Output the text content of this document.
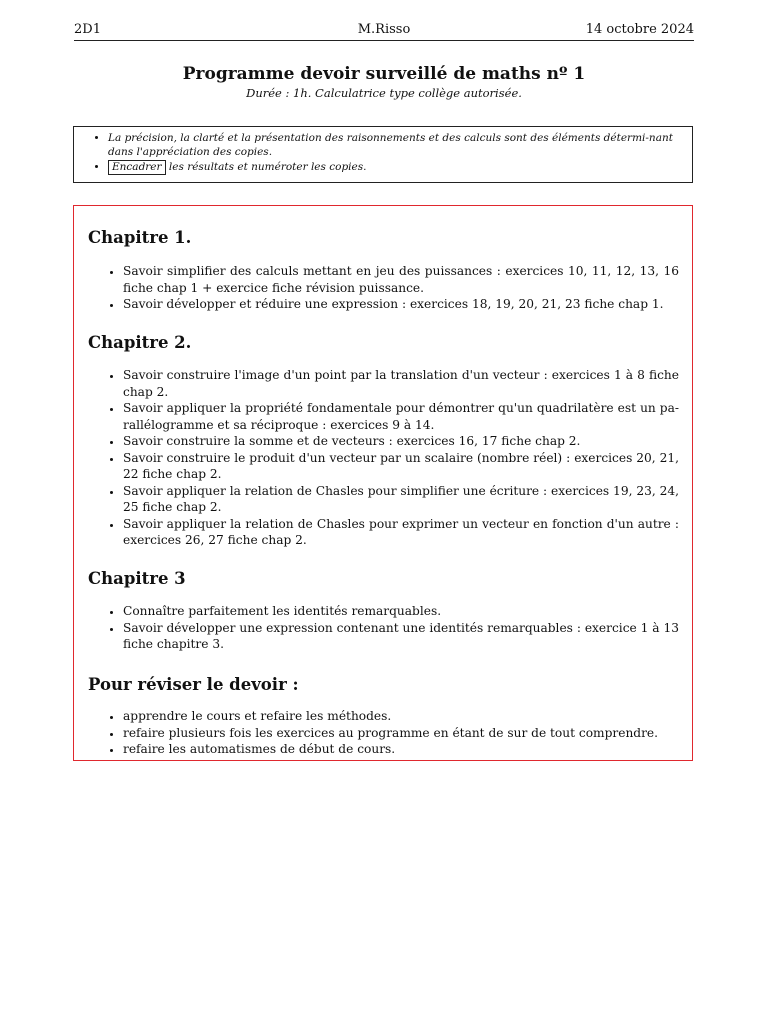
2D1	M.Risso	14 octobre 2024
Programme devoir surveillé de maths nº 1
Durée : 1h. Calculatrice type collège autorisée.
• La précision, la clarté et la présentation des raisonnements et des calculs sont des éléments détermi-nant dans l'appréciation des copies.
• Encadrer les résultats et numéroter les copies.
Chapitre 1.
• Savoir simplifier des calculs mettant en jeu des puissances : exercices 10, 11, 12, 13, 16 fiche chap 1 + exercice fiche révision puissance.
• Savoir développer et réduire une expression : exercices 18, 19, 20, 21, 23 fiche chap 1.
Chapitre 2.
• Savoir construire l'image d'un point par la translation d'un vecteur : exercices 1 à 8 fiche chap 2.
• Savoir appliquer la propriété fondamentale pour démontrer qu'un quadrilatère est un pa-rallélogramme et sa réciproque : exercices 9 à 14.
• Savoir construire la somme et de vecteurs : exercices 16, 17 fiche chap 2.
• Savoir construire le produit d'un vecteur par un scalaire (nombre réel) : exercices 20, 21, 22 fiche chap 2.
• Savoir appliquer la relation de Chasles pour simplifier une écriture : exercices 19, 23, 24, 25 fiche chap 2.
• Savoir appliquer la relation de Chasles pour exprimer un vecteur en fonction d'un autre : exercices 26, 27 fiche chap 2.
Chapitre 3
• Connaître parfaitement les identités remarquables.
• Savoir développer une expression contenant une identités remarquables : exercice 1 à 13 fiche chapitre 3.
Pour réviser le devoir :
• apprendre le cours et refaire les méthodes.
• refaire plusieurs fois les exercices au programme en étant de sur de tout comprendre.
• refaire les automatismes de début de cours.
